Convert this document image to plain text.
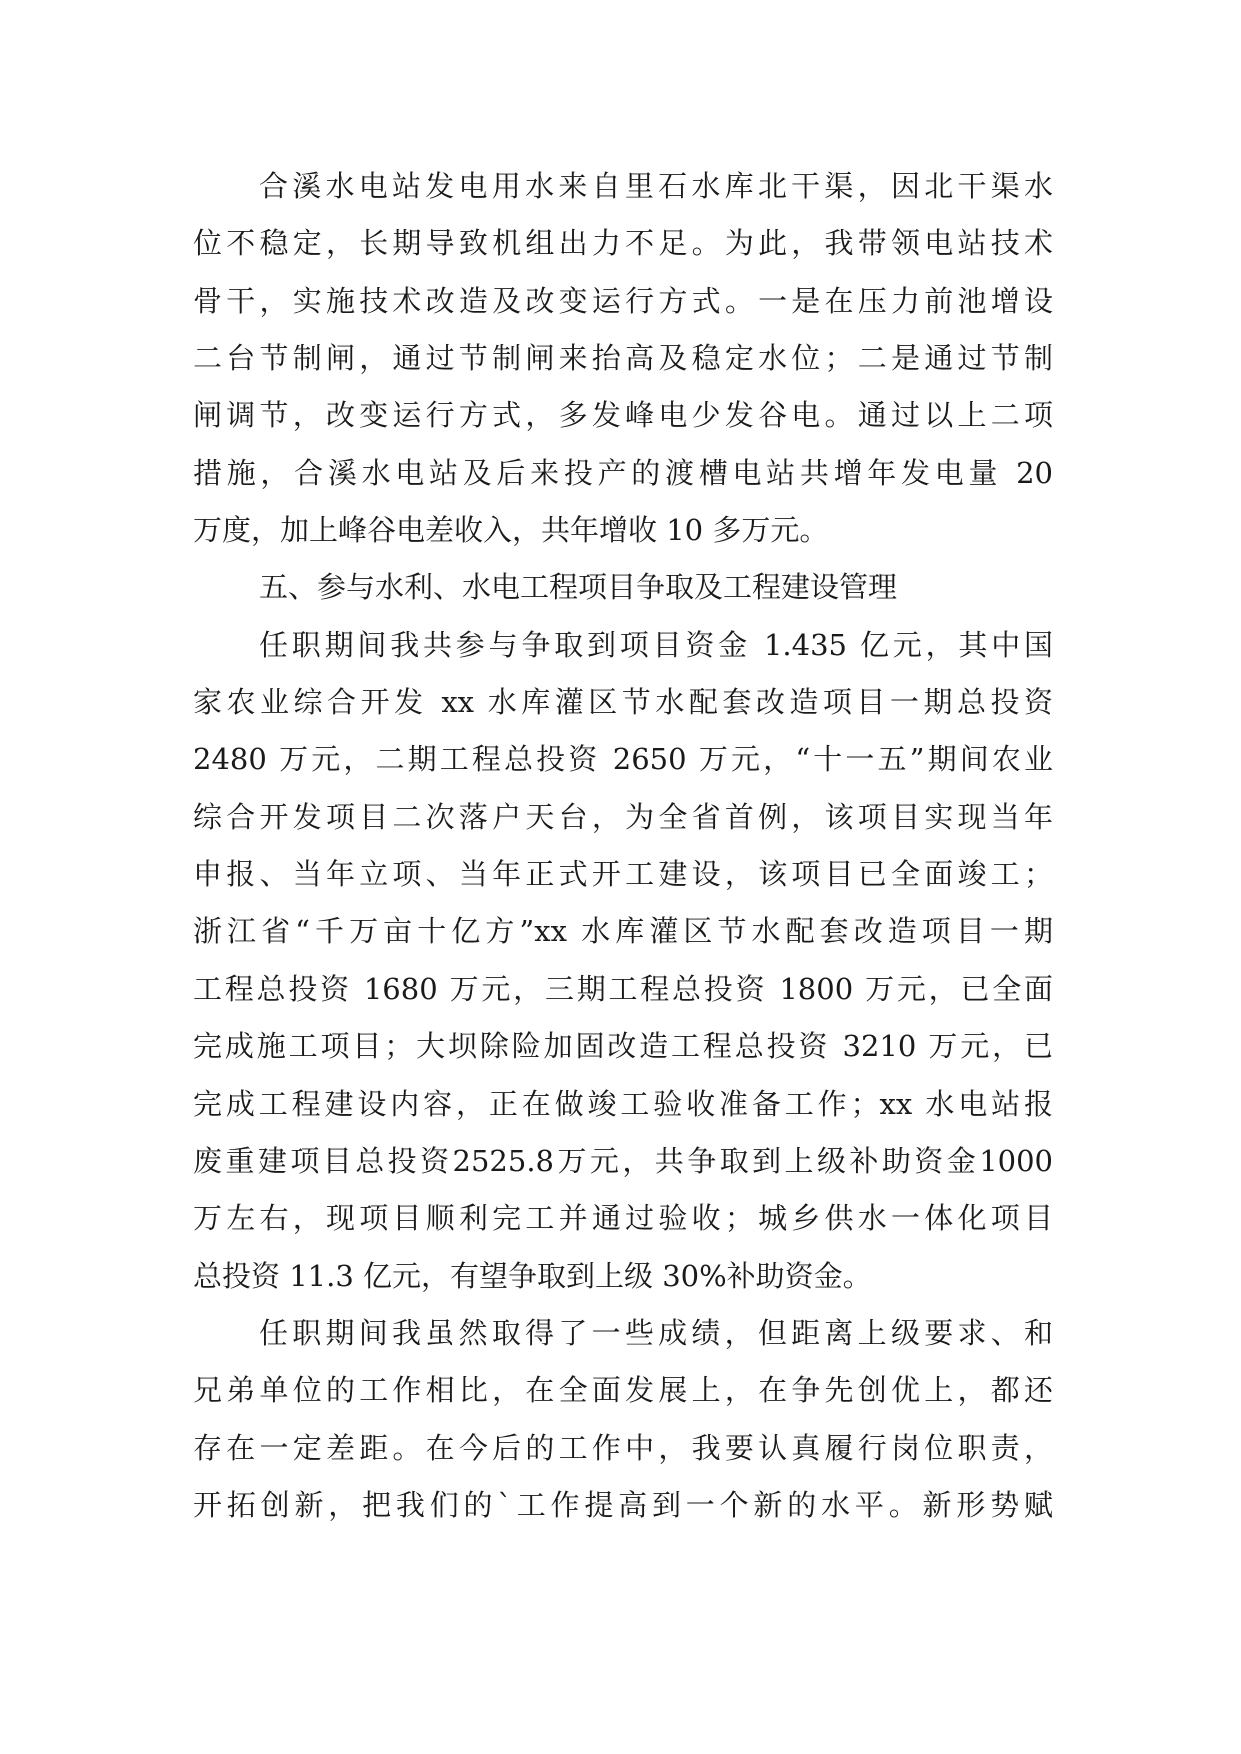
合溪水电站发电用水来自里石水库北干渠，因北干渠水
位不稳定，长期导致机组出力不足。为此，我带领电站技术
骨干，实施技术改造及改变运行方式。一是在压力前池增设
二台节制闸，通过节制闸来抬高及稳定水位；二是通过节制
闸调节，改变运行方式，多发峰电少发谷电。通过以上二项
措施，合溪水电站及后来投产的渡槽电站共增年发电量 20
万度，加上峰谷电差收入，共年增收 10 多万元。
五、参与水利、水电工程项目争取及工程建设管理
任职期间我共参与争取到项目资金 1.435 亿元，其中国
家农业综合开发 xx 水库灌区节水配套改造项目一期总投资
2480 万元，二期工程总投资 2650 万元，“十一五”期间农业
综合开发项目二次落户天台，为全省首例，该项目实现当年
申报、当年立项、当年正式开工建设，该项目已全面竣工；
浙江省“千万亩十亿方”xx 水库灌区节水配套改造项目一期
工程总投资 1680 万元，三期工程总投资 1800 万元，已全面
完成施工项目；大坝除险加固改造工程总投资 3210 万元，已
完成工程建设内容，正在做竣工验收准备工作；xx 水电站报
废重建项目总投资2525.8万元，共争取到上级补助资金1000
万左右，现项目顺利完工并通过验收；城乡供水一体化项目
总投资 11.3 亿元，有望争取到上级 30%补助资金。
任职期间我虽然取得了一些成绩，但距离上级要求、和
兄弟单位的工作相比，在全面发展上，在争先创优上，都还
存在一定差距。在今后的工作中，我要认真履行岗位职责，
开拓创新，把我们的`工作提高到一个新的水平。新形势赋
